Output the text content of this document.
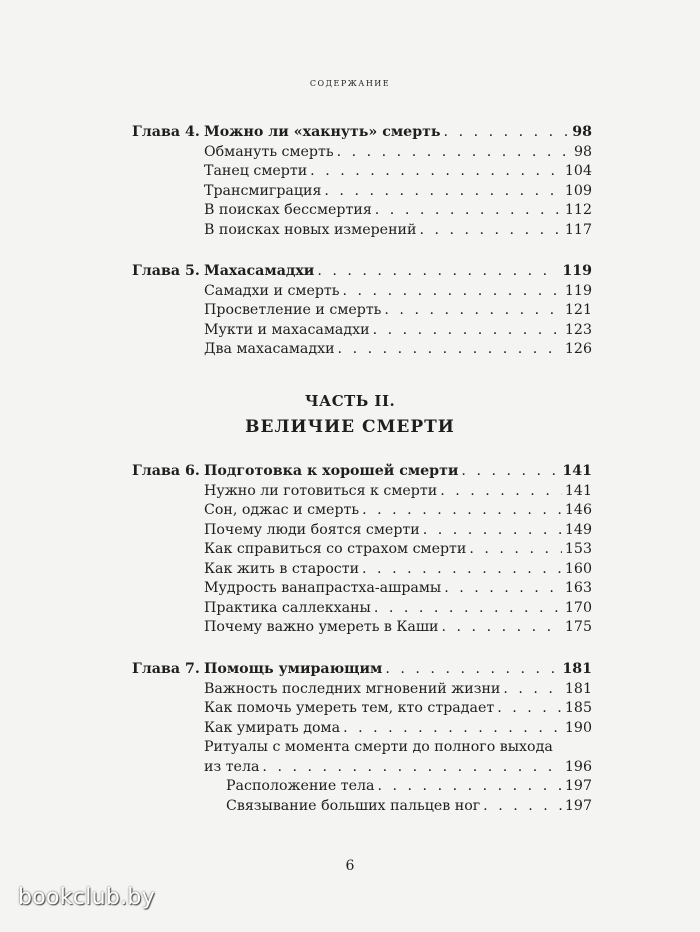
содержание
Глава 4. Можно ли «хакнуть» смерть . . .	98
Обмануть смерть . . .	98
Танец смерти . . .	104
Трансмиграция . . .	109
В поисках бессмертия . . .	112
В поисках новых измерений . . .	117
Глава 5. Махасамадхи . . .	119
Самадхи и смерть . . .	119
Просветление и смерть . . .	121
Мукти и махасамадхи . . .	123
Два махасамадхи . . .	126
ЧАСТЬ II.
ВЕЛИЧИЕ СМЕРТИ
Глава 6. Подготовка к хорошей смерти . . .	141
Нужно ли готовиться к смерти . . .	141
Сон, оджас и смерть . . .	146
Почему люди боятся смерти . . .	149
Как справиться со страхом смерти . . .	153
Как жить в старости . . .	160
Мудрость ванапрастха-ашрамы . . .	163
Практика саллекханы . . .	170
Почему важно умереть в Каши . . .	175
Глава 7. Помощь умирающим . . .	181
Важность последних мгновений жизни . . .	181
Как помочь умереть тем, кто страдает . . .	185
Как умирать дома . . .	190
Ритуалы с момента смерти до полного выхода
из тела . . .	196
Расположение тела . . .	197
Связывание больших пальцев ног . . .	197
6
bookclub.by
